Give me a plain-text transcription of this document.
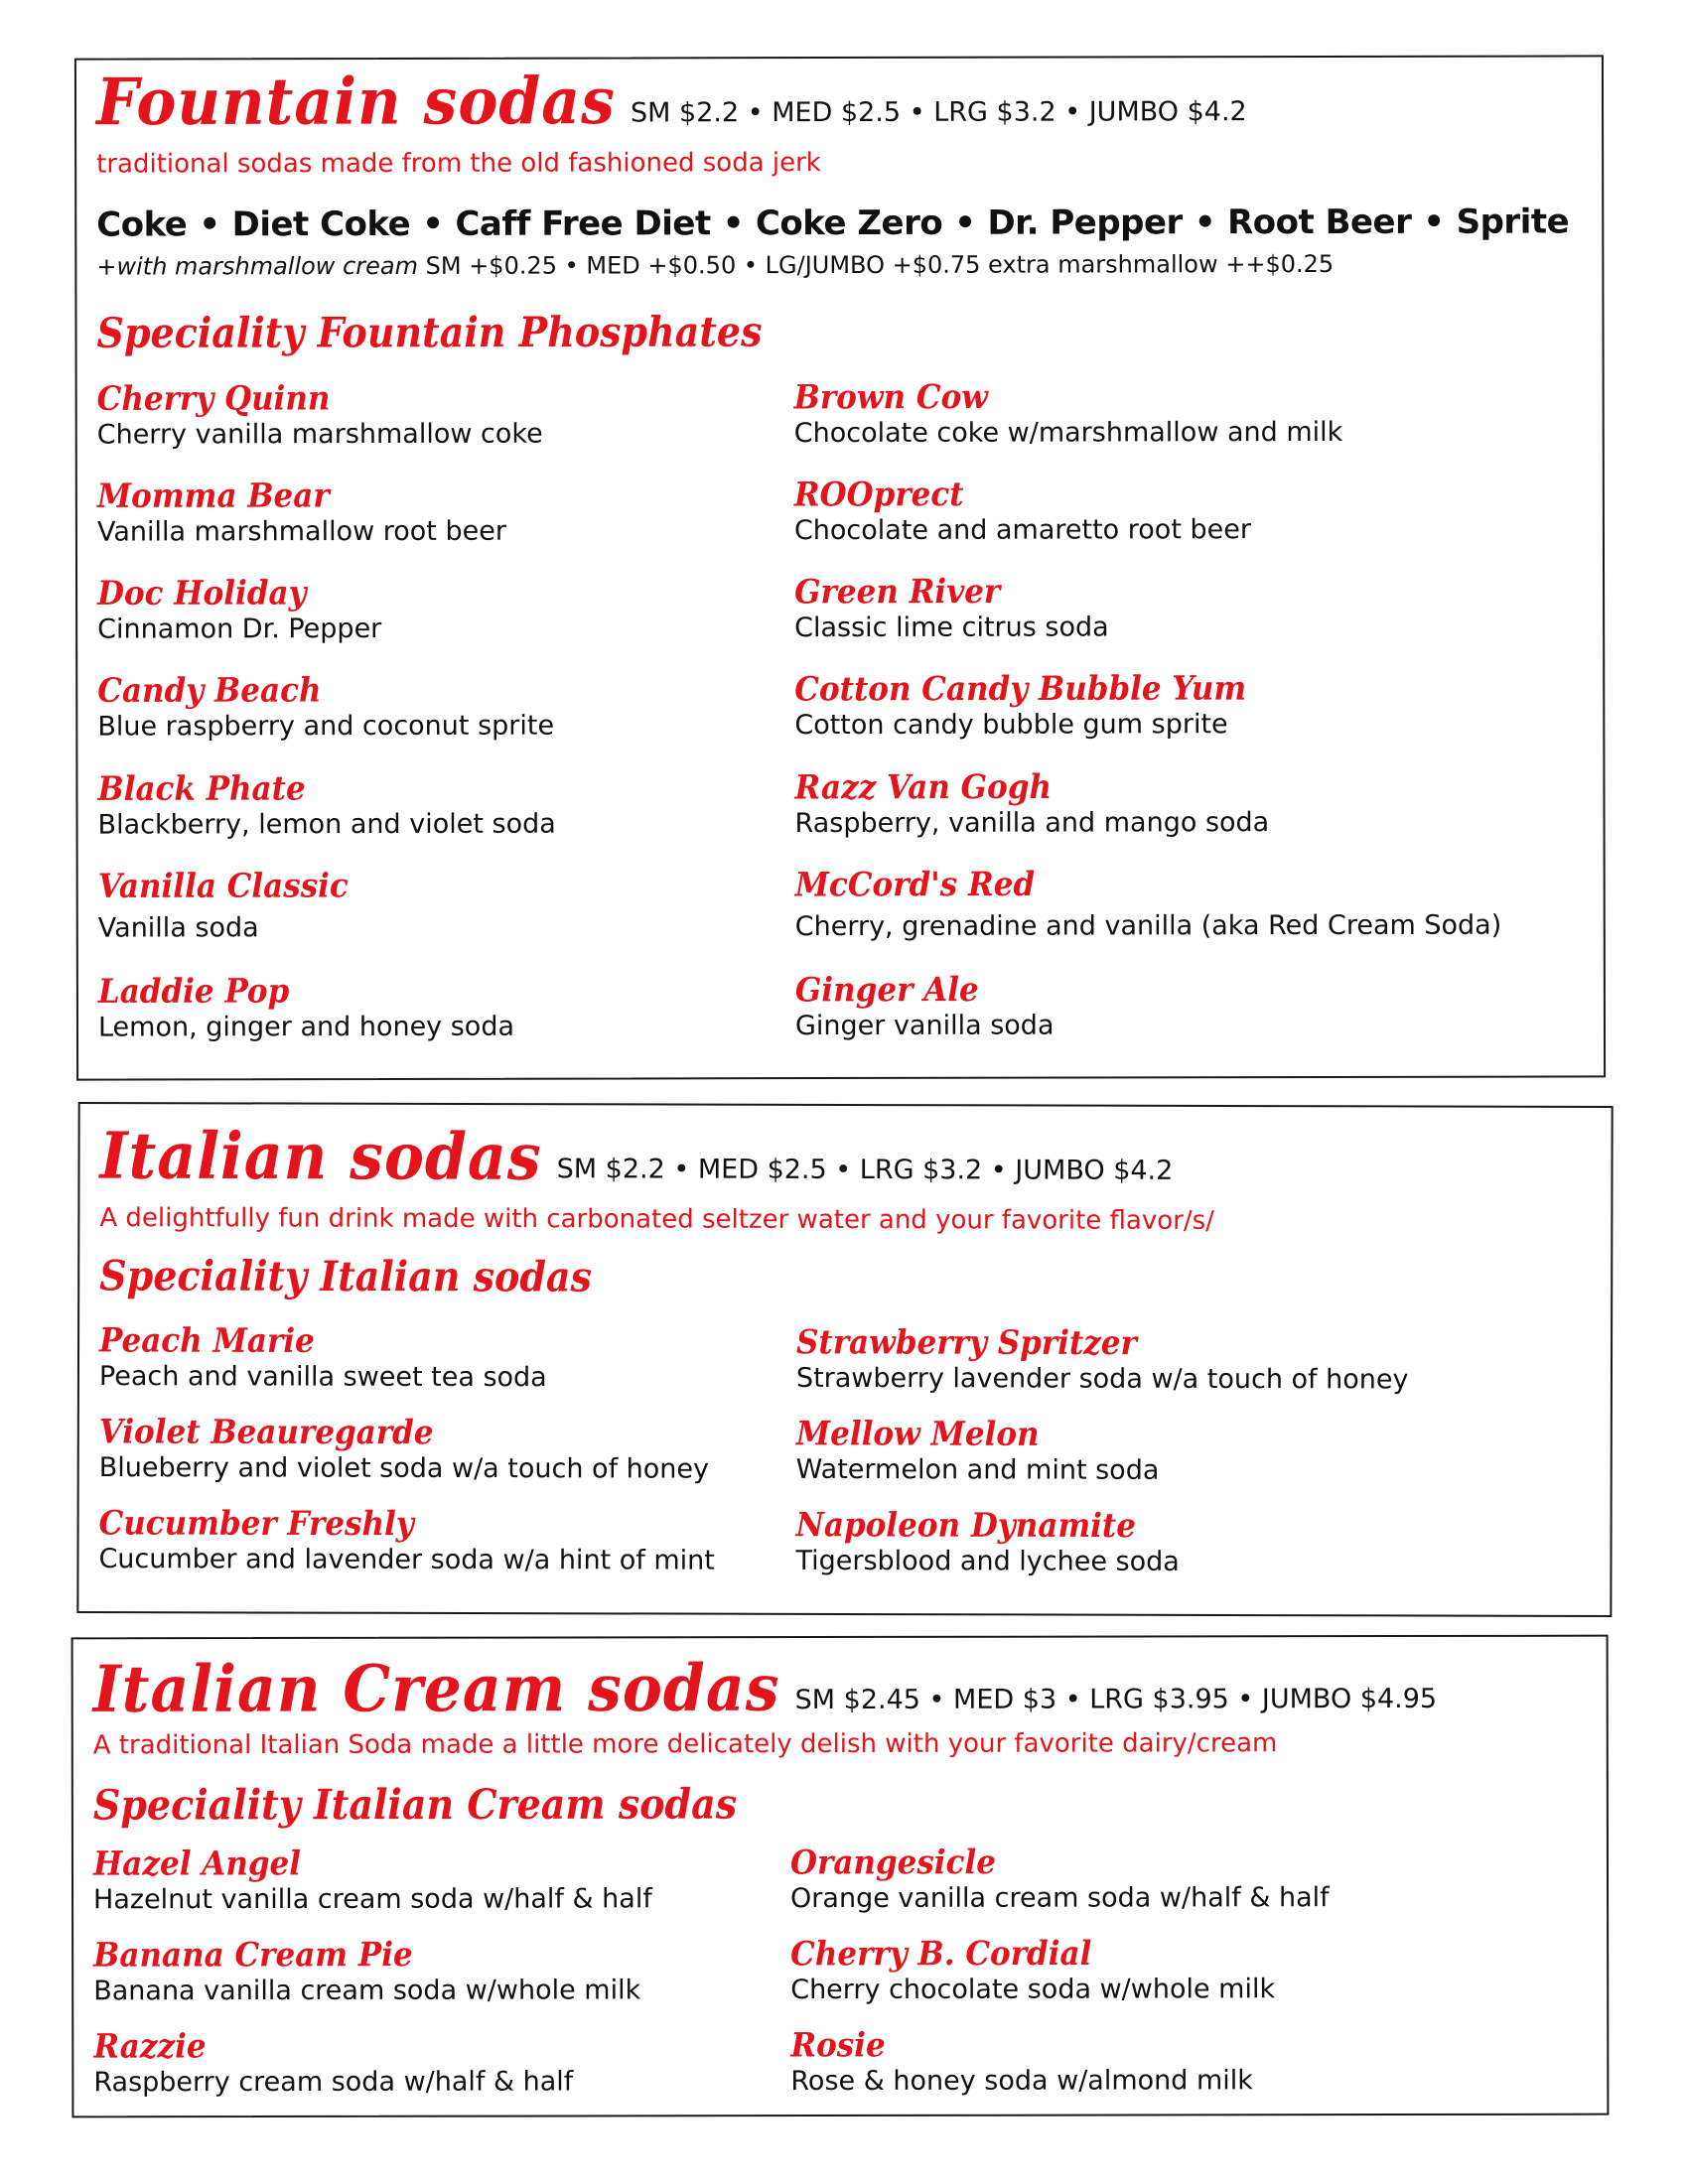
Fountain sodas SM $2.2 • MED $2.5 • LRG $3.2 • JUMBO $4.2
traditional sodas made from the old fashioned soda jerk
Coke • Diet Coke • Caff Free Diet • Coke Zero • Dr. Pepper • Root Beer • Sprite
+with marshmallow cream SM +$0.25 • MED +$0.50 • LG/JUMBO +$0.75 extra marshmallow ++$0.25
Speciality Fountain Phosphates
Cherry Quinn
Cherry vanilla marshmallow coke
Momma Bear
Vanilla marshmallow root beer
Doc Holiday
Cinnamon Dr. Pepper
Candy Beach
Blue raspberry and coconut sprite
Black Phate
Blackberry, lemon and violet soda
Vanilla Classic
Vanilla soda
Laddie Pop
Lemon, ginger and honey soda
Brown Cow
Chocolate coke w/marshmallow and milk
ROOprect
Chocolate and amaretto root beer
Green River
Classic lime citrus soda
Cotton Candy Bubble Yum
Cotton candy bubble gum sprite
Razz Van Gogh
Raspberry, vanilla and mango soda
McCord's Red
Cherry, grenadine and vanilla (aka Red Cream Soda)
Ginger Ale
Ginger vanilla soda
Italian sodas SM $2.2 • MED $2.5 • LRG $3.2 • JUMBO $4.2
A delightfully fun drink made with carbonated seltzer water and your favorite flavor/s/
Speciality Italian sodas
Peach Marie
Peach and vanilla sweet tea soda
Violet Beauregarde
Blueberry and violet soda w/a touch of honey
Cucumber Freshly
Cucumber and lavender soda w/a hint of mint
Strawberry Spritzer
Strawberry lavender soda w/a touch of honey
Mellow Melon
Watermelon and mint soda
Napoleon Dynamite
Tigersblood and lychee soda
Italian Cream sodas SM $2.45 • MED $3 • LRG $3.95 • JUMBO $4.95
A traditional Italian Soda made a little more delicately delish with your favorite dairy/cream
Speciality Italian Cream sodas
Hazel Angel
Hazelnut vanilla cream soda w/half & half
Banana Cream Pie
Banana vanilla cream soda w/whole milk
Razzie
Raspberry cream soda w/half & half
Orangesicle
Orange vanilla cream soda w/half & half
Cherry B. Cordial
Cherry chocolate soda w/whole milk
Rosie
Rose & honey soda w/almond milk
